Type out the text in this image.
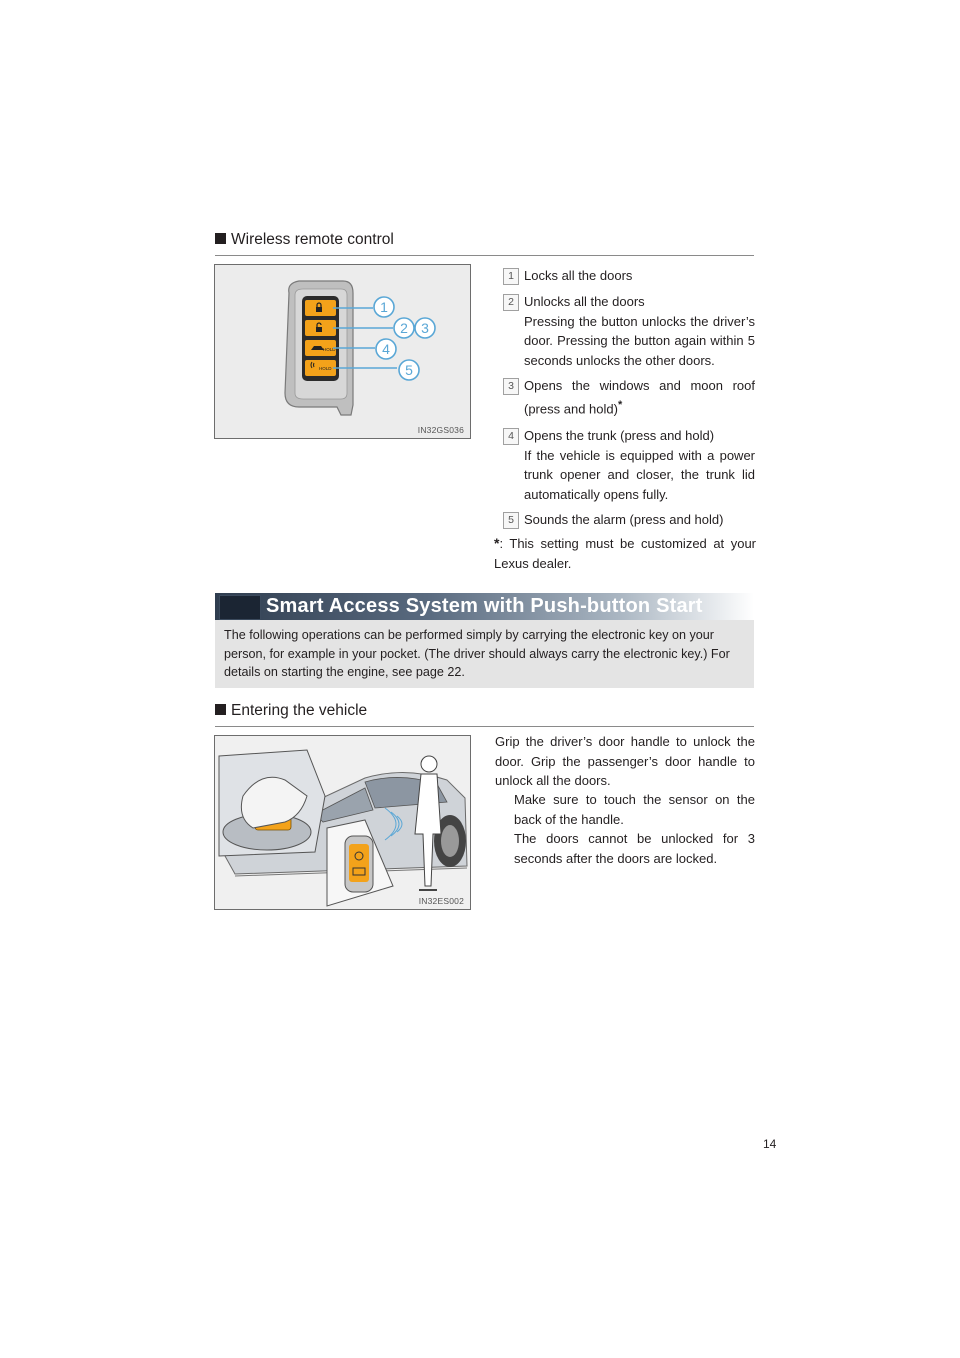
Wireless remote control
HOLD
HOLD
1
2 3
4
5
IN32GS036
1 Locks all the doors
2 Unlocks all the doors
Pressing the button unlocks the driver’s door. Pressing the button again within 5 seconds unlocks the other doors.
3 Opens the windows and moon roof (press and hold)*
4 Opens the trunk (press and hold)
If the vehicle is equipped with a power trunk opener and closer, the trunk lid automatically opens fully.
5 Sounds the alarm (press and hold)
*: This setting must be customized at your Lexus dealer.
Smart Access System with Push-button Start
The following operations can be performed simply by carrying the electronic key on your person, for example in your pocket. (The driver should always carry the electronic key.) For details on starting the engine, see page 22.
Entering the vehicle
IN32ES002
Grip the driver’s door handle to unlock the door. Grip the passenger’s door handle to unlock all the doors.
Make sure to touch the sensor on the back of the handle.
The doors cannot be unlocked for 3 seconds after the doors are locked.
14
